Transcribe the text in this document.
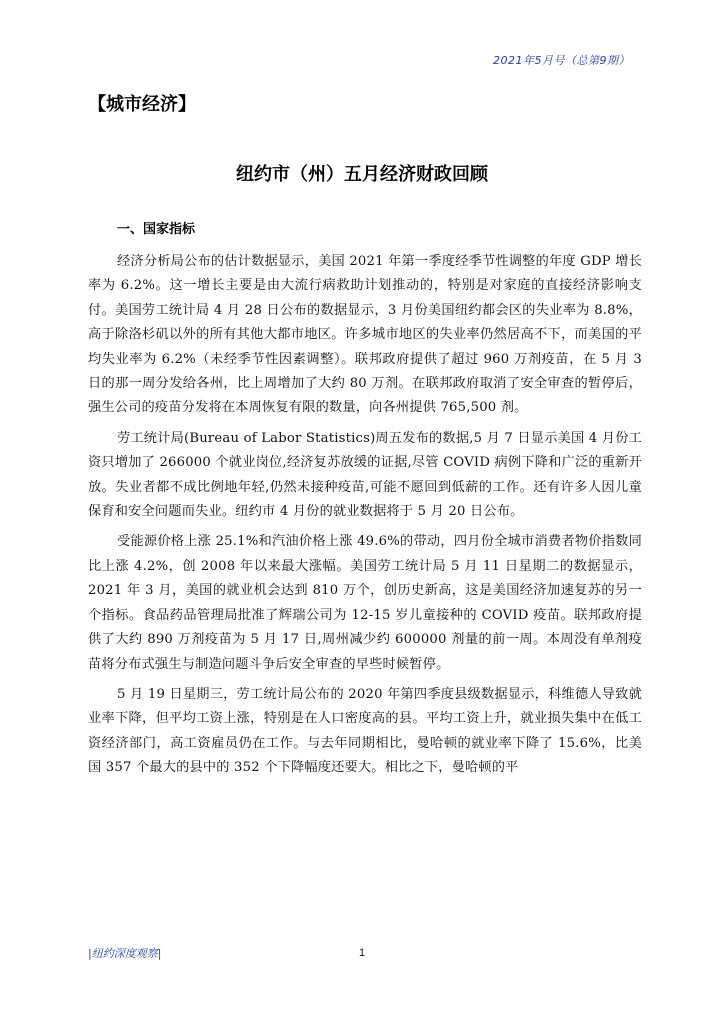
2021年5月号（总第9期）
【城市经济】
纽约市（州）五月经济财政回顾
一、国家指标

经济分析局公布的估计数据显示，美国 2021 年第一季度经季节性调整的年度 GDP 增长率为 6.2%。这一增长主要是由大流行病救助计划推动的，特别是对家庭的直接经济影响支付。美国劳工统计局 4 月 28 日公布的数据显示，3 月份美国纽约都会区的失业率为 8.8%，高于除洛杉矶以外的所有其他大都市地区。许多城市地区的失业率仍然居高不下，而美国的平均失业率为 6.2%（未经季节性因素调整）。联邦政府提供了超过 960 万剂疫苗，在 5 月 3 日的那一周分发给各州，比上周增加了大约 80 万剂。在联邦政府取消了安全审查的暂停后，强生公司的疫苗分发将在本周恢复有限的数量，向各州提供 765,500 剂。

劳工统计局(Bureau of Labor Statistics)周五发布的数据,5 月 7 日显示美国 4 月份工资只增加了 266000 个就业岗位,经济复苏放缓的证据,尽管 COVID 病例下降和广泛的重新开放。失业者都不成比例地年轻,仍然未接种疫苗,可能不愿回到低薪的工作。还有许多人因儿童保育和安全问题而失业。纽约市 4 月份的就业数据将于 5 月 20 日公布。

受能源价格上涨 25.1%和汽油价格上涨 49.6%的带动，四月份全城市消费者物价指数同比上涨 4.2%，创 2008 年以来最大涨幅。美国劳工统计局 5 月 11 日星期二的数据显示，2021 年 3 月，美国的就业机会达到 810 万个，创历史新高，这是美国经济加速复苏的另一个指标。食品药品管理局批准了辉瑞公司为 12-15 岁儿童接种的 COVID 疫苗。联邦政府提供了大约 890 万剂疫苗为 5 月 17 日,周州减少约 600000 剂量的前一周。本周没有单剂疫苗将分布式强生与制造问题斗争后安全审查的早些时候暂停。

5 月 19 日星期三，劳工统计局公布的 2020 年第四季度县级数据显示，科维德人导致就业率下降，但平均工资上涨，特别是在人口密度高的县。平均工资上升，就业损失集中在低工资经济部门，高工资雇员仍在工作。与去年同期相比，曼哈顿的就业率下降了 15.6%，比美国 357 个最大的县中的 352 个下降幅度还要大。相比之下，曼哈顿的平

|纽约深度观察|	1
